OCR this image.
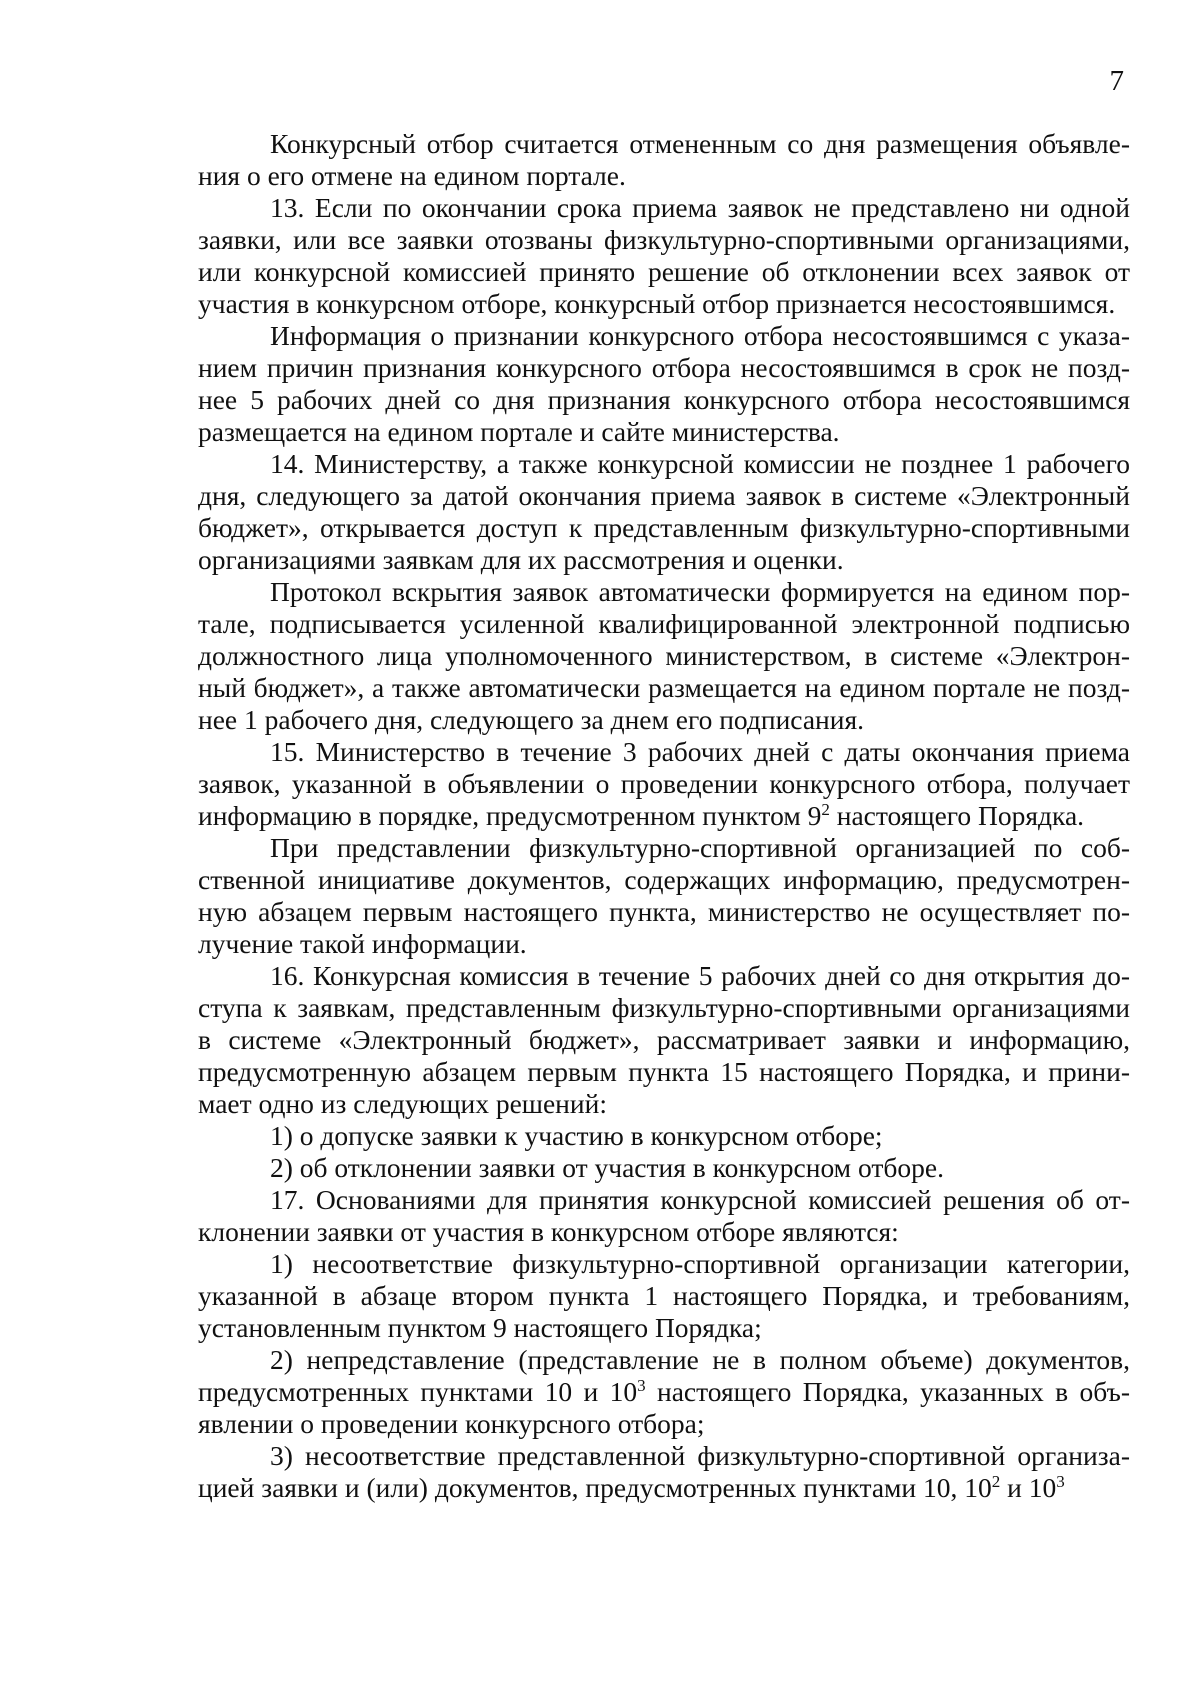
7

Конкурсный отбор считается отмененным со дня размещения объявления о его отмене на едином портале.

13. Если по окончании срока приема заявок не представлено ни одной заявки, или все заявки отозваны физкультурно-спортивными организациями, или конкурсной комиссией принято решение об отклонении всех заявок от участия в конкурсном отборе, конкурсный отбор признается несостоявшимся.

Информация о признании конкурсного отбора несостоявшимся с указанием причин признания конкурсного отбора несостоявшимся в срок не позднее 5 рабочих дней со дня признания конкурсного отбора несостоявшимся размещается на едином портале и сайте министерства.

14. Министерству, а также конкурсной комиссии не позднее 1 рабочего дня, следующего за датой окончания приема заявок в системе «Электронный бюджет», открывается доступ к представленным физкультурно-спортивными организациями заявкам для их рассмотрения и оценки.

Протокол вскрытия заявок автоматически формируется на едином портале, подписывается усиленной квалифицированной электронной подписью должностного лица уполномоченного министерством, в системе «Электронный бюджет», а также автоматически размещается на едином портале не позднее 1 рабочего дня, следующего за днем его подписания.

15. Министерство в течение 3 рабочих дней с даты окончания приема заявок, указанной в объявлении о проведении конкурсного отбора, получает информацию в порядке, предусмотренном пунктом $9^2$ настоящего Порядка.

При представлении физкультурно-спортивной организацией по собственной инициативе документов, содержащих информацию, предусмотренную абзацем первым настоящего пункта, министерство не осуществляет получение такой информации.

16. Конкурсная комиссия в течение 5 рабочих дней со дня открытия доступа к заявкам, представленным физкультурно-спортивными организациями в системе «Электронный бюджет», рассматривает заявки и информацию, предусмотренную абзацем первым пункта 15 настоящего Порядка, и принимает одно из следующих решений:

1) о допуске заявки к участию в конкурсном отборе;

2) об отклонении заявки от участия в конкурсном отборе.

17. Основаниями для принятия конкурсной комиссией решения об отклонении заявки от участия в конкурсном отборе являются:

1) несоответствие физкультурно-спортивной организации категории, указанной в абзаце втором пункта 1 настоящего Порядка, и требованиям, установленным пунктом 9 настоящего Порядка;

2) непредставление (представление не в полном объеме) документов, предусмотренных пунктами 10 и $10^3$ настоящего Порядка, указанных в объявлении о проведении конкурсного отбора;

3) несоответствие представленной физкультурно-спортивной организацией заявки и (или) документов, предусмотренных пунктами 10, $10^2$ и $10^3$
